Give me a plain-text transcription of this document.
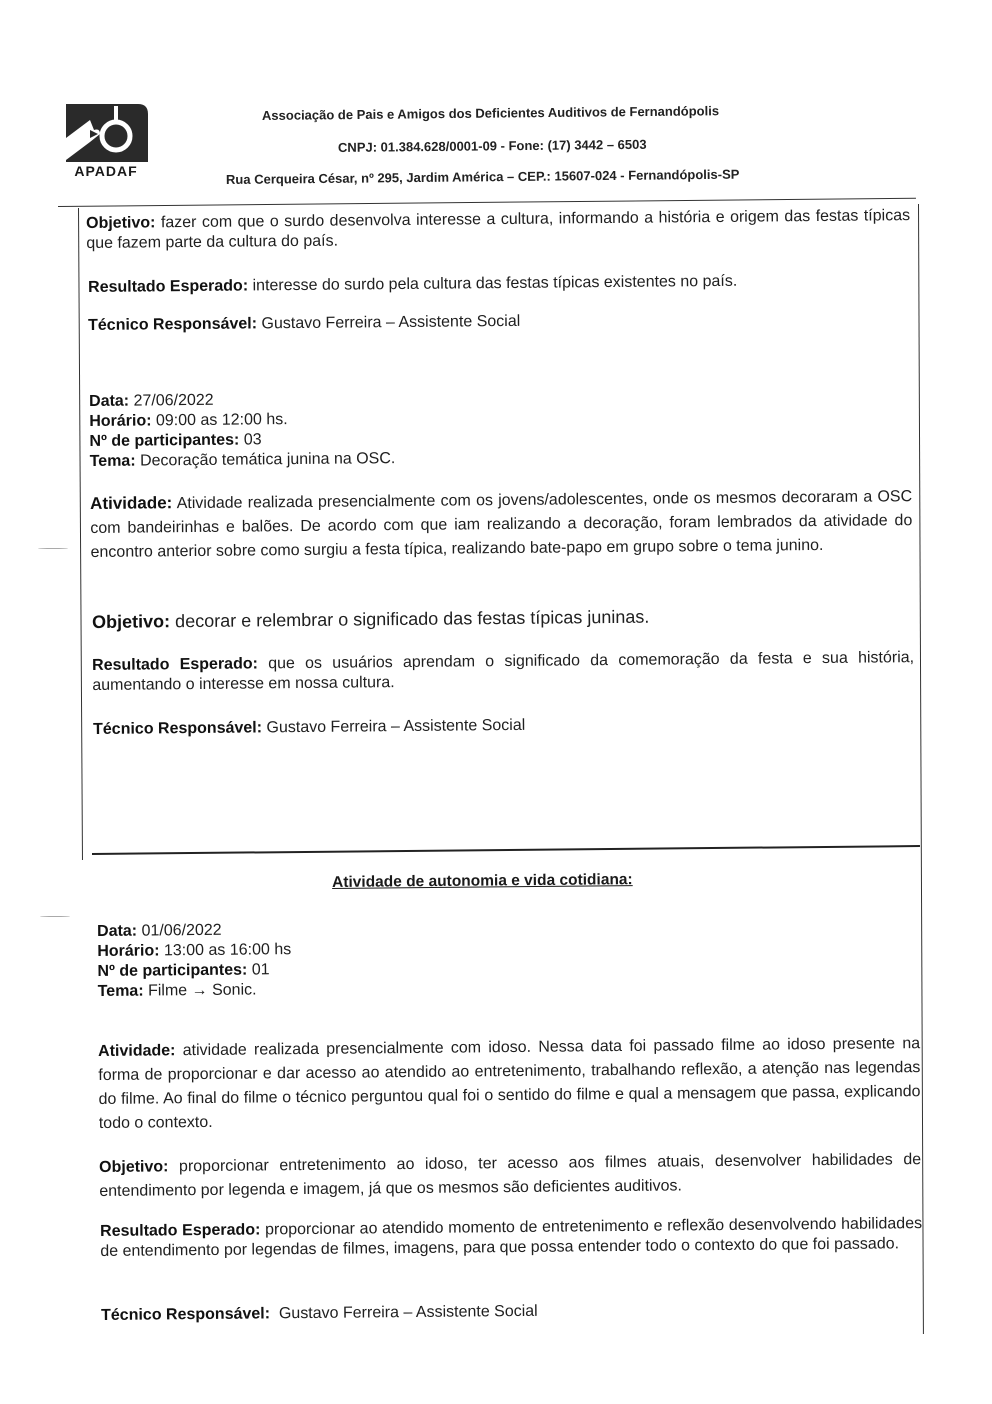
APADAF
Associação de Pais e Amigos dos Deficientes Auditivos de Fernandópolis
CNPJ: 01.384.628/0001-09 - Fone: (17) 3442 – 6503
Rua Cerqueira César, nº 295, Jardim América – CEP.: 15607-024 - Fernandópolis-SP
Objetivo: fazer com que o surdo desenvolva interesse a cultura, informando a história e origem das festas típicas que fazem parte da cultura do país.
Resultado Esperado: interesse do surdo pela cultura das festas típicas existentes no país.
Técnico Responsável: Gustavo Ferreira – Assistente Social
Data: 27/06/2022
Horário: 09:00 as 12:00 hs.
Nº de participantes: 03
Tema: Decoração temática junina na OSC.
Atividade: Atividade realizada presencialmente com os jovens/adolescentes, onde os mesmos decoraram a OSC com bandeirinhas e balões. De acordo com que iam realizando a decoração, foram lembrados da atividade do encontro anterior sobre como surgiu a festa típica, realizando bate-papo em grupo sobre o tema junino.
Objetivo: decorar e relembrar o significado das festas típicas juninas.
Resultado Esperado: que os usuários aprendam o significado da comemoração da festa e sua história, aumentando o interesse em nossa cultura.
Técnico Responsável: Gustavo Ferreira – Assistente Social
Atividade de autonomia e vida cotidiana:
Data: 01/06/2022
Horário: 13:00 as 16:00 hs
Nº de participantes: 01
Tema: Filme → Sonic.
Atividade: atividade realizada presencialmente com idoso. Nessa data foi passado filme ao idoso presente na forma de proporcionar e dar acesso ao atendido ao entretenimento, trabalhando reflexão, a atenção nas legendas do filme. Ao final do filme o técnico perguntou qual foi o sentido do filme e qual a mensagem que passa, explicando todo o contexto.
Objetivo: proporcionar entretenimento ao idoso, ter acesso aos filmes atuais, desenvolver habilidades de entendimento por legenda e imagem, já que os mesmos são deficientes auditivos.
Resultado Esperado: proporcionar ao atendido momento de entretenimento e reflexão desenvolvendo habilidades de entendimento por legendas de filmes, imagens, para que possa entender todo o contexto do que foi passado.
Técnico Responsável: Gustavo Ferreira – Assistente Social
